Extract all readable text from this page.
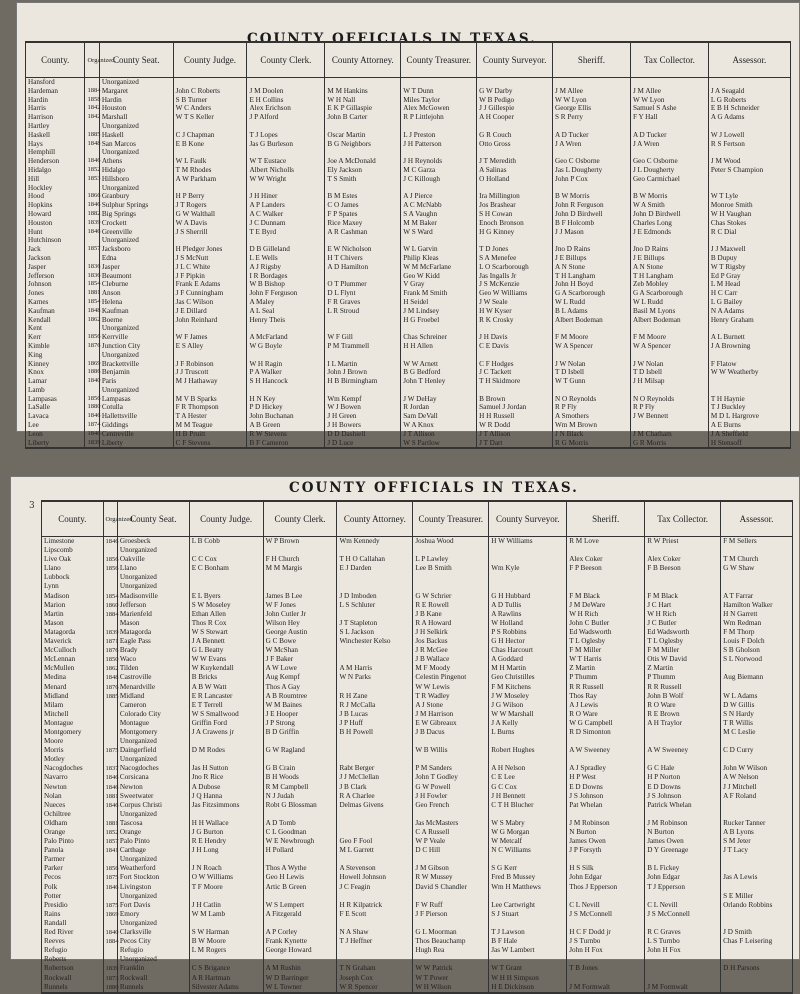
COUNTY OFFICIALS IN TEXAS.
County.	Organized.	County Seat.	County Judge.	County Clerk.	County Attorney.	County Treasurer.	County Surveyor.	Sheriff.	Tax Collector.	Assessor.
Hansford		Unorganized								
Hardeman	1884	Margaret	John C Roberts	J M Doolen	M M Hankins	W T Dunn	G W Darby	J M Allee	J M Allee	J A Seagald
Hardin	1858	Hardin	S B Turner	E H Collins	W H Nall	Miles Taylor	W B Pedigo	W W Lyon	W W Lyon	L G Roberts
Harris	1842	Houston	W C Anders	Alex Erichson	E K P Gillaspie	Alex McGowen	J J Gillespie	George Ellis	Samuel S Ashe	E B H Schneider
Harrison	1842	Marshall	W T S Keller	J P Alford	John B Carter	R P Littlejohn	A H Cooper	S R Perry	F Y Hall	A G Adams
Hartley		Unorganized								
Haskell	1885	Haskell	C J Chapman	T J Lopes	Oscar Martin	L J Preston	G R Couch	A D Tucker	A D Tucker	W J Lowell
Hays	1848	San Marcos	E B Kone	Jas G Burleson	B G Neighbors	J H Patterson	Otto Gross	J A Wren	J A Wren	R S Fertson
Hemphill		Unorganized								
Henderson	1846	Athens	W L Faulk	W T Eustace	Joe A McDonald	J H Reynolds	J T Meredith	Geo C Osborne	Geo C Osborne	J M Wood
Hidalgo	1852	Hidalgo	T M Rhodes	Albert Nicholls	Ely Jackson	M C Garza	A Salinas	Jas L Dougherty	J L Dougherty	Peter S Champion
Hill	1853	Hillsboro	A W Parkham	W W Wright	T S Smith	J C Killough	O Holland	John P Cox	Geo Carmichael	
Hockley		Unorganized								
Hood	1866	Granbury	H P Berry	J H Hiner	B M Estes	A J Pierce	Ira Millington	B W Morris	B W Morris	W T Lyle
Hopkins	1846	Sulphur Springs	J T Rogers	A P Landers	C O James	A C McNabb	Jos Brashear	John R Ferguson	W A Smith	Monroe Smith
Howard	1882	Big Springs	G W Walthall	A C Walker	F P Spates	S A Vaughn	S H Cowan	John D Birdwell	John D Birdwell	W H Vaughan
Houston	1839	Crockett	W A Davis	J C Dunnam	Rice Maxey	M M Baker	Enoch Bronson	B F Holcomb	Charles Long	Chas Stokes
Hunt	1846	Greenville	J S Sherrill	T E Byrd	A R Cashman	W S Ward	H G Kinney	J J Mason	J E Edmonds	R C Dial
Hutchinson		Unorganized								
Jack	1857	Jacksboro	H Pledger Jones	D B Gilleland	E W Nicholson	W L Garvin	T D Jones	Jno D Rains	Jno D Rains	J J Maxwell
Jackson		Edna	J S McNutt	L E Wells	H T Chivers	Philip Kleas	S A Menefee	J E Billups	J E Billups	B Dupuy
Jasper	1836	Jasper	J L C White	A J Rigsby	A D Hamilton	W M McFarlane	L O Scarborough	A N Stone	A N Stone	W T Rigsby
Jefferson	1836	Beaumont	J F Pipkin	I R Bordages		Geo W Kidd	Jas Ingalls Jr	T H Langham	T H Langham	Ed P Gray
Johnson	1854	Cleburne	Frank E Adams	W B Bishop	O T Plummer	V Gray	J S McKenzie	John H Boyd	Zeb Mobley	L M Head
Jones	1881	Anson	J F Cunningham	John F Ferguson	D L Flynt	Frank M Smith	Geo W Williams	G A Scarborough	G A Scarborough	H C Carr
Karnes	1854	Helena	Jas C Wilson	A Maley	F R Graves	H Seidel	J W Seale	W L Rudd	W L Rudd	L G Bailey
Kaufman	1848	Kaufman	J E Dillard	A L Seal	L R Stroud	J M Lindsey	H W Kyser	B L Adams	Basil M Lyons	N A Adams
Kendall	1862	Boerne	John Reinhard	Henry Theis		H G Froebel	R K Crosky	Albert Bodeman	Albert Bodeman	Henry Graham
Kent		Unorganized								
Kerr	1856	Kerrville	W F James	A McFarland	W F Gill	Chas Schreiner	J H Davis	F M Moore	F M Moore	A L Burnett
Kimble	1876	Junction City	E S Alley	W G Boyle	P M Trammell	H H Allen	C E Davis	W A Spencer	W A Spencer	J A Browning
King		Unorganized								
Kinney	1869	Brackettville	J F Robinson	W H Ragin	I L Martin	W W Arnett	C F Hodges	J W Nolan	J W Nolan	F Flatow
Knox	1886	Benjamin	J J Truscott	P A Walker	John J Brown	B G Bedford	J C Tackett	T D Isbell	T D Isbell	W W Weatherby
Lamar	1840	Paris	M J Hathaway	S H Hancock	H B Birmingham	John T Henley	T H Skidmore	W T Gunn	J H Milsap	
Lamb		Unorganized								
Lampasas	1856	Lampasas	M V B Sparks	H N Key	Wm Kempf	J W DeHay	B Brown	N O Reynolds	N O Reynolds	T H Haynie
LaSalle	1880	Cotulla	F R Thompson	P D Hickey	W J Bowen	R Jordan	Samuel J Jordan	R P Fly	R P Fly	T J Buckley
Lavaca	1846	Hallettsville	T A Hester	John Buchanan	J H Green	Sam DeVall	H H Russell	A Smothers	J W Bennett	M D L Hargrove
Lee	1874	Giddings	M M Teague	A B Green	J H Bowers	W A Knox	W R Dodd	Wm M Brown		A E Burns
Leon	1846	Centreville	H B Pruitt	R W Stevens	D D Dashiell	J T Allison	J T Allison	J N Black	J M Chatham	J A Sheffield
Liberty	1839	Liberty	C F Stevens	B F Cameron	J D Luce	W S Partlow	J T Dart	R G Morris	G R Morris	H Stensoff
3
COUNTY OFFICIALS IN TEXAS.
County.	Organized.	County Seat.	County Judge.	County Clerk.	County Attorney.	County Treasurer.	County Surveyor.	Sheriff.	Tax Collector.	Assessor.
Limestone	1846	Groesbeck	L B Cobb	W P Brown	Wm Kennedy	Joshua Wood	H W Williams	R M Love	R W Priest	F M Sellers
Lipscomb		Unorganized								
Live Oak	1856	Oakville	C C Cox	F H Church	T H O Callahan	L P Lawley		Alex Coker	Alex Coker	T M Church
Llano	1856	Llano	E C Bonham	M M Margis	E J Darden	Lee B Smith	Wm Kyle	F P Beeson	F B Beeson	G W Shaw
Lubbock		Unorganized								
Lynn		Unorganized								
Madison	1854	Madisonville	E L Byers	James B Lee	J D Imboden	G W Schrier	G H Hubbard	F M Black	F M Black	A T Farrar
Marion	1860	Jefferson	S W Moseley	W F Jones	L S Schluter	R E Rowell	A D Tullis	J M DeWare	J C Hart	Hamilton Walker
Martin	1884	Marienfeld	Ethan Allen	John Cutler Jr		J B Kane	A Rawlins	W H Rich	W H Rich	H N Garrett
Mason		Mason	Thos R Cox	Wilson Hey	J T Stapleton	R A Howard	W Holland	John C Butler	J C Butler	Wm Redman
Matagorda	1839	Matagorda	W S Stewart	George Austin	S L Jackson	J H Selkirk	P S Robbins	Ed Wadsworth	Ed Wadsworth	F M Thorp
Maverick	1871	Eagle Pass	J A Bennett	G C Bowe	Winchester Kelso	Jos Backus	G H Hector	T L Oglesby	T L Oglesby	Louis F Dolch
McCulloch	1876	Brady	G L Beatty	W McShan		J R McGee	Chas Harcourt	F M Miller	F M Miller	S B Gholson
McLennan	1850	Waco	W W Evans	J F Baker		J B Wallace	A Goddard	W T Harris	Otis W David	S L Norwood
McMullen	1862	Tilden	W Kuykendall	A W Lowe	A M Harris	M F Moody	M H Martin	Z Martin	Z Martin	
Medina	1848	Castroville	B Bricks	Aug Kempf	W N Parks	Celestin Pingenot	Geo Christilles	P Thumm	P Thumm	Aug Biemann
Menard	1876	Menardville	A B W Watt	Thos A Gay		W W Lewis	F M Kitchens	R R Russell	R R Russell	
Midland	1885	Midland	E R Lancaster	A B Roumtree	R H Zane	T R Wadley	J W Moseley	Thos Ray	John B Wolf	W L Adams
Milam		Cameron	E T Terrell	W M Baines	R J McCalla	A J Stone	J G Wilson	A J Lewis	R O Ware	D W Gillis
Mitchell		Colorado City	W S Smallwood	J E Hooper	J B Lucas	J M Harrison	W W Marshall	R O Ware	R E Brown	S N Hardy
Montague		Montague	Griffin Ford	J P Strong	J P Huff	E W Gibreaux	J A Kelly	W G Campbell	A H Traylor	T R Willis
Montgomery		Montgomery	J A Crawens jr	B D Griffin	B H Powell	J B Dacus	L Burns	R D Simonton		M C Leslie
Moore		Unorganized								
Morris	1875	Daingerfield	D M Rodes	G W Ragland		W B Willis	Robert Hughes	A W Sweeney	A W Sweeney	C D Curry
Motley		Unorganized								
Nacogdoches	1837	Nacogdoches	Jas H Sutton	G B Crain	Rabt Berger	P M Sanders	A H Nelson	A J Spradley	G C Hale	John W Wilson
Navarro	1846	Corsicana	Jno R Rice	B H Woods	J J McClellan	John T Godley	C E Lee	H P West	H P Norton	A W Nelson
Newton	1846	Newton	A Dubose	R M Campbell	J B Clark	G W Powell	G C Cox	E D Downs	E D Downs	J J Mitchell
Nolan	1881	Sweetwater	J Q Hanna	N J Judah	R A Charlee	J H Fowler	J H Bennett	J S Johnson	J S Johnson	A F Roland
Nueces	1846	Corpus Christi	Jas Fitzsimmons	Robt G Blossman	Delmas Givens	Geo French	C T H Blucher	Pat Whelan	Patrick Whelan	
Ochiltree		Unorganized								
Oldham	1881	Tascosa	H H Wallace	A D Tomb		Jas McMasters	W S Mabry	J M Robinson	J M Robinson	Rucker Tanner
Orange	1852	Orange	J G Burton	C L Goodman		C A Russell	W G Morgan	N Burton	N Burton	A B Lyons
Palo Pinto	1857	Palo Pinto	R E Hendry	W E Newbrough	Geo F Fool	W P Veale	W Metcalf	James Owen	James Owen	S M Jeter
Panola	1841	Carthage	J H Long	H Pollard	M L Garrett	D C Hill	N C Williams	J P Forsyth	D Y Greenage	J T Lacy
Parmer		Unorganized								
Parker	1856	Weatherford	J N Roach	Thos A Wythe	A Stevenson	J M Gibson	S G Kerr	H S Silk	B L Fickey	
Pecos	1875	Fort Stockton	O W Williams	Geo H Lewis	Howell Johnson	R W Mussey	Fred B Mussey	John Edgar	John Edgar	Jas A Lewis
Polk	1846	Livingston	T F Moore	Artic B Green	J C Feagin	David S Chandler	Wm H Matthews	Thos J Epperson	T J Epperson	
Potter		Unorganized								S E Miller
Presidio	1875	Fort Davis	J H Catlin	W S Lempert	H R Kilpatrick	F W Ruff	Lee Cartwright	C L Nevill	C L Nevill	Orlando Robbins
Rains	1869	Emory	W M Lamb	A Fitzgerald	F E Scott	J F Pierson	S J Stuart	J S McConnell	J S McConnell	
Randall		Unorganized								
Red River	1840	Clarksville	S W Harman	A P Corley	N A Shaw	G L Moorman	T J Lawson	H C F Dodd jr	R C Graves	J D Smith
Reeves	1884	Pecos City	B W Moore	Frank Kynette	T J Heffner	Thos Beauchamp	B F Hale	J S Turnbo	L S Turnbo	Chas F Leisering
Refugio		Refugio	L M Rogers	George Howard		Hugh Rea	Jas W Lambert	John H Fox	John H Fox	
Roberts		Unorganized								
Robertson	1839	Franklin	C S Brigance	A M Rushin	T N Graham	W W Patrick	W T Grant	T B Jones		D H Parsons
Rockwall	1873	Rockwall	A R Hartman	W D Barringer	Joseph Cox	W T Power	W H H Simpson			
Runnels	1880	Runnels	Silvester Adams	W L Towner	W R Spencer	W H Wilson	H E Dickinson	J M Formwalt	J M Formwalt	
